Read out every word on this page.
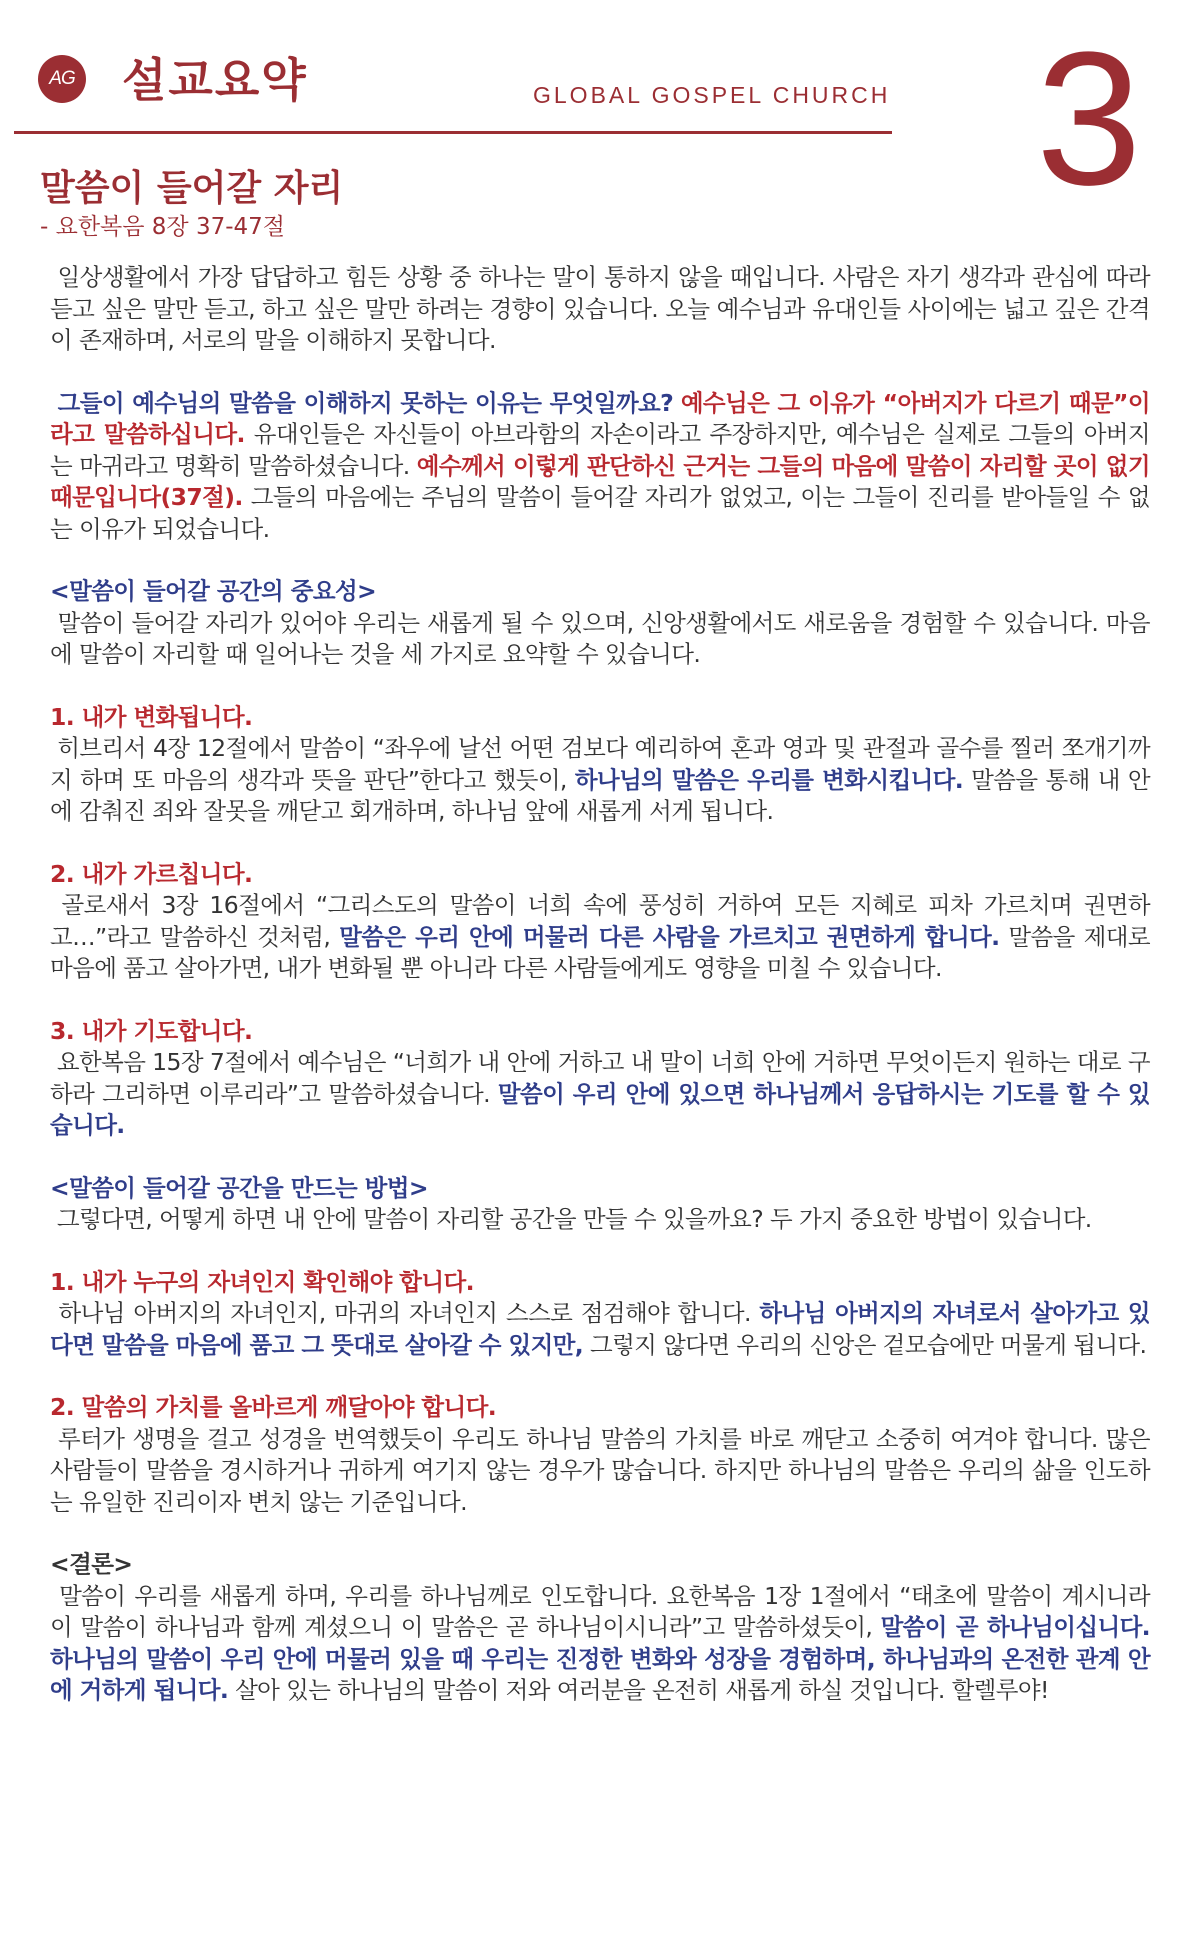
AG 설교요약	GLOBAL GOSPEL CHURCH 3
말씀이 들어갈 자리
- 요한복음 8장 37-47절

일상생활에서 가장 답답하고 힘든 상황 중 하나는 말이 통하지 않을 때입니다. 사람은 자기 생각과 관심에 따라 듣고 싶은 말만 듣고, 하고 싶은 말만 하려는 경향이 있습니다. 오늘 예수님과 유대인들 사이에는 넓고 깊은 간격이 존재하며, 서로의 말을 이해하지 못합니다.

그들이 예수님의 말씀을 이해하지 못하는 이유는 무엇일까요? 예수님은 그 이유가 “아버지가 다르기 때문”이라고 말씀하십니다. 유대인들은 자신들이 아브라함의 자손이라고 주장하지만, 예수님은 실제로 그들의 아버지는 마귀라고 명확히 말씀하셨습니다. 예수께서 이렇게 판단하신 근거는 그들의 마음에 말씀이 자리할 곳이 없기 때문입니다(37절). 그들의 마음에는 주님의 말씀이 들어갈 자리가 없었고, 이는 그들이 진리를 받아들일 수 없는 이유가 되었습니다.

<말씀이 들어갈 공간의 중요성>
말씀이 들어갈 자리가 있어야 우리는 새롭게 될 수 있으며, 신앙생활에서도 새로움을 경험할 수 있습니다. 마음에 말씀이 자리할 때 일어나는 것을 세 가지로 요약할 수 있습니다.

1. 내가 변화됩니다.
히브리서 4장 12절에서 말씀이 “좌우에 날선 어떤 검보다 예리하여 혼과 영과 및 관절과 골수를 찔러 쪼개기까지 하며 또 마음의 생각과 뜻을 판단”한다고 했듯이, 하나님의 말씀은 우리를 변화시킵니다. 말씀을 통해 내 안에 감춰진 죄와 잘못을 깨닫고 회개하며, 하나님 앞에 새롭게 서게 됩니다.

2. 내가 가르칩니다.
골로새서 3장 16절에서 “그리스도의 말씀이 너희 속에 풍성히 거하여 모든 지혜로 피차 가르치며 권면하고…”라고 말씀하신 것처럼, 말씀은 우리 안에 머물러 다른 사람을 가르치고 권면하게 합니다. 말씀을 제대로 마음에 품고 살아가면, 내가 변화될 뿐 아니라 다른 사람들에게도 영향을 미칠 수 있습니다.

3. 내가 기도합니다.
요한복음 15장 7절에서 예수님은 “너희가 내 안에 거하고 내 말이 너희 안에 거하면 무엇이든지 원하는 대로 구하라 그리하면 이루리라”고 말씀하셨습니다. 말씀이 우리 안에 있으면 하나님께서 응답하시는 기도를 할 수 있습니다.

<말씀이 들어갈 공간을 만드는 방법>
그렇다면, 어떻게 하면 내 안에 말씀이 자리할 공간을 만들 수 있을까요? 두 가지 중요한 방법이 있습니다.

1. 내가 누구의 자녀인지 확인해야 합니다.
하나님 아버지의 자녀인지, 마귀의 자녀인지 스스로 점검해야 합니다. 하나님 아버지의 자녀로서 살아가고 있다면 말씀을 마음에 품고 그 뜻대로 살아갈 수 있지만, 그렇지 않다면 우리의 신앙은 겉모습에만 머물게 됩니다.

2. 말씀의 가치를 올바르게 깨달아야 합니다.
루터가 생명을 걸고 성경을 번역했듯이 우리도 하나님 말씀의 가치를 바로 깨닫고 소중히 여겨야 합니다. 많은 사람들이 말씀을 경시하거나 귀하게 여기지 않는 경우가 많습니다. 하지만 하나님의 말씀은 우리의 삶을 인도하는 유일한 진리이자 변치 않는 기준입니다.

<결론>
말씀이 우리를 새롭게 하며, 우리를 하나님께로 인도합니다. 요한복음 1장 1절에서 “태초에 말씀이 계시니라 이 말씀이 하나님과 함께 계셨으니 이 말씀은 곧 하나님이시니라”고 말씀하셨듯이, 말씀이 곧 하나님이십니다. 하나님의 말씀이 우리 안에 머물러 있을 때 우리는 진정한 변화와 성장을 경험하며, 하나님과의 온전한 관계 안에 거하게 됩니다. 살아 있는 하나님의 말씀이 저와 여러분을 온전히 새롭게 하실 것입니다. 할렐루야!
